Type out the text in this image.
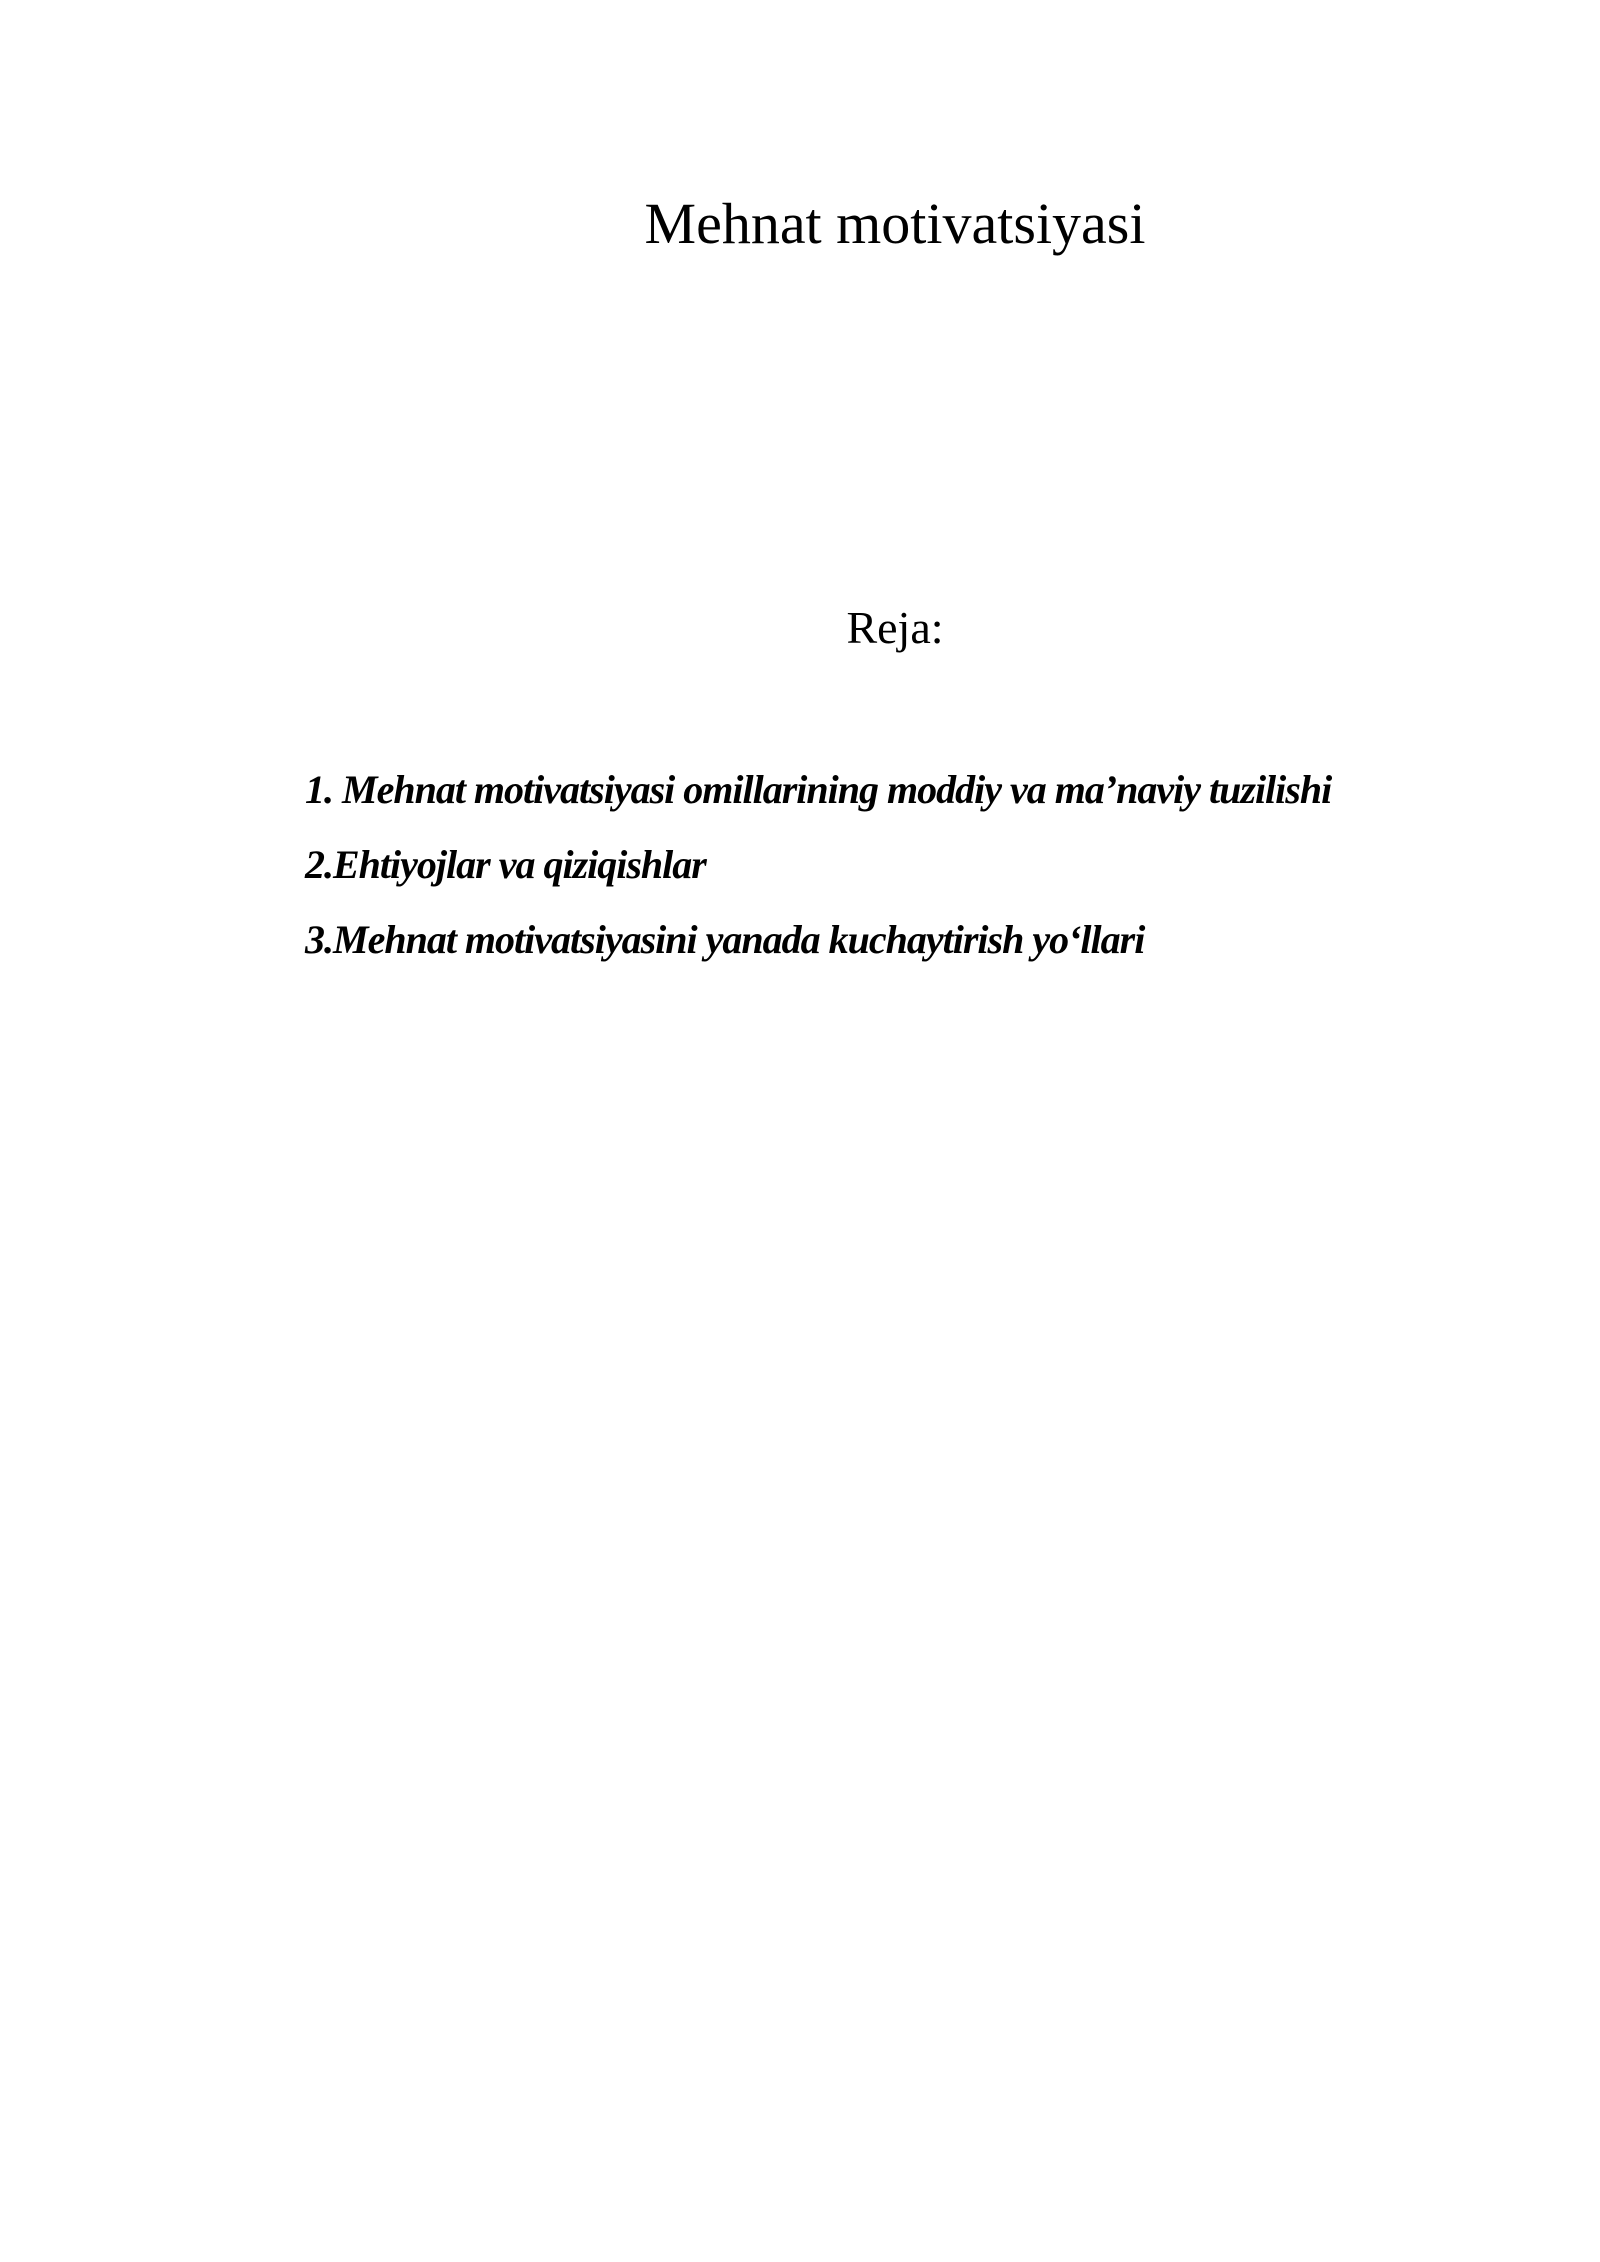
Mehnat motivatsiyasi
Reja:
1. Mehnat motivatsiyasi omillarining moddiy va ma’naviy tuzilishi
2.Ehtiyojlar va qiziqishlar
3.Mehnat motivatsiyasini yanada kuchaytirish yo‘llari
